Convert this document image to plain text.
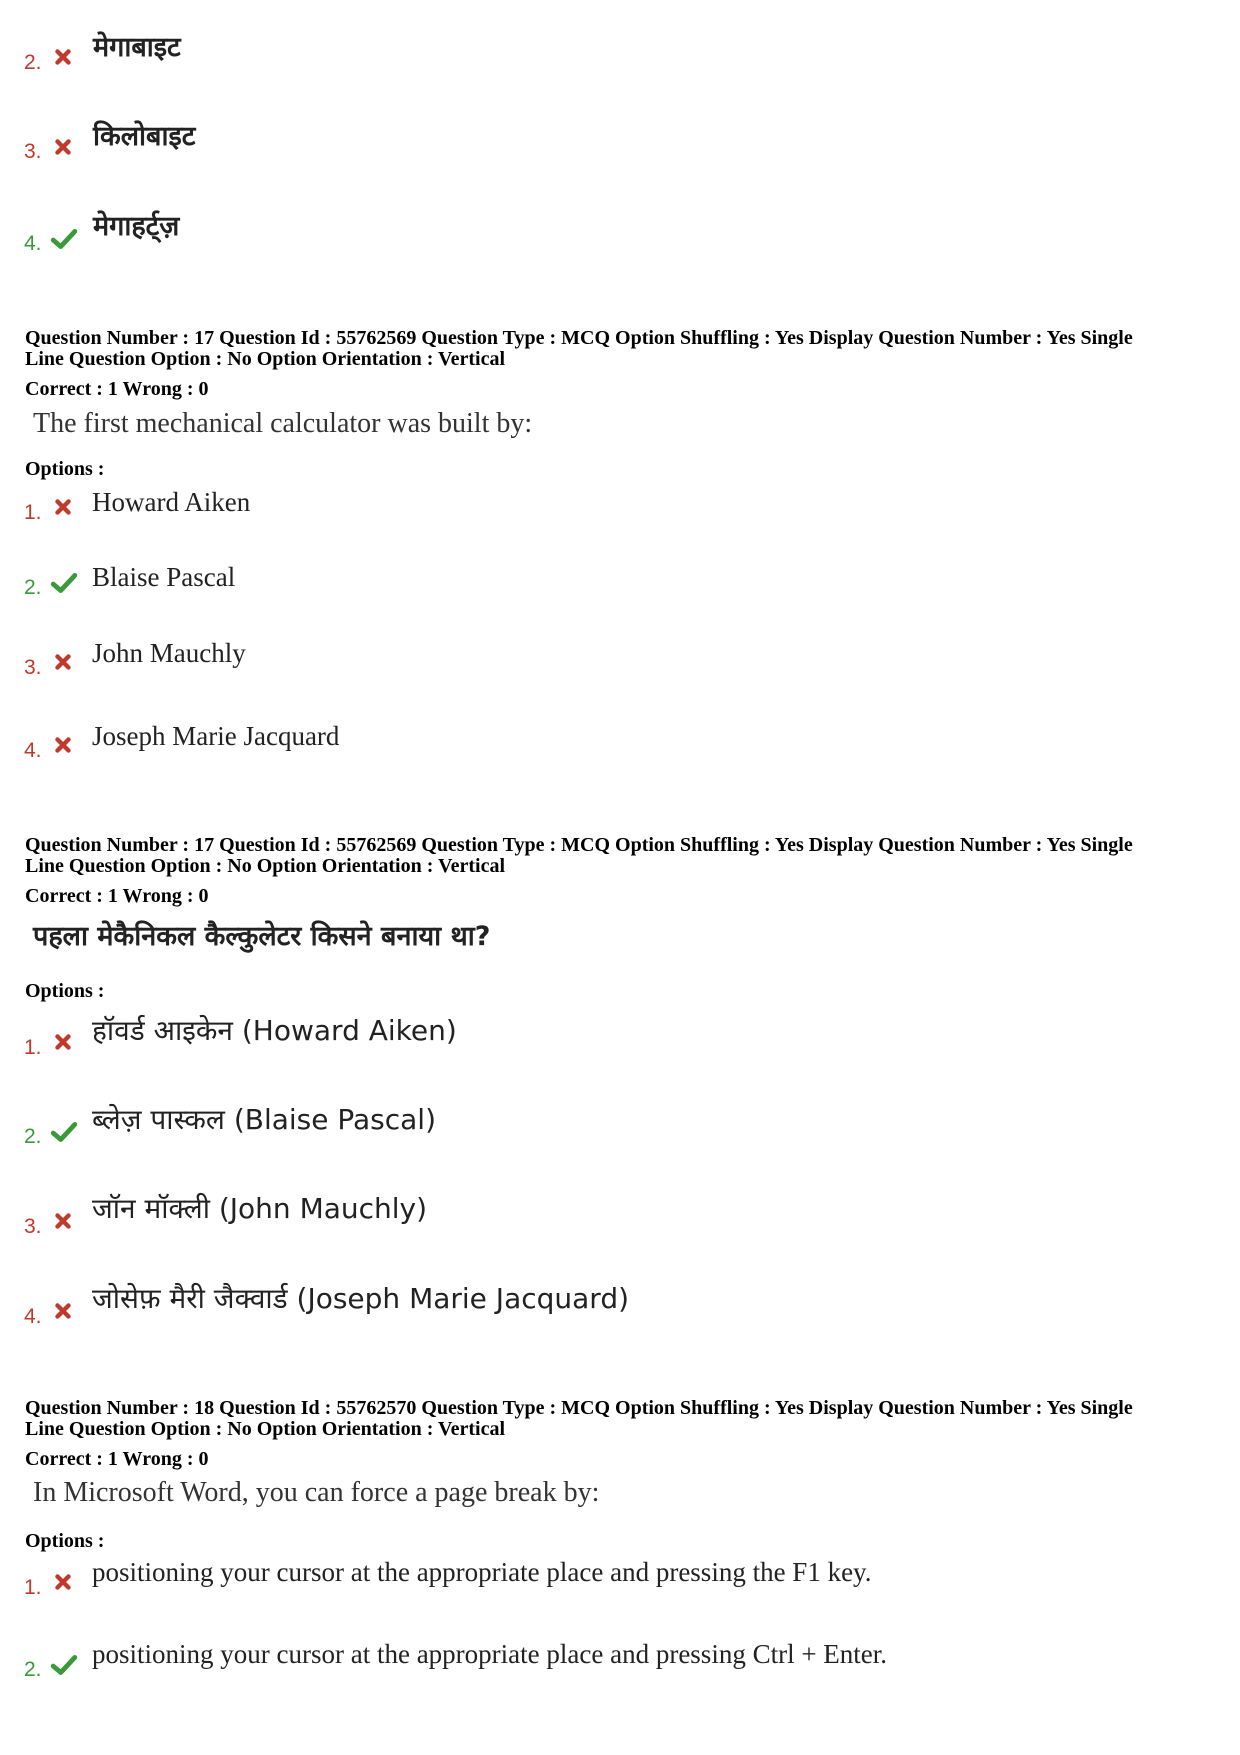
2. मेगाबाइट
3. किलोबाइट
4.
मेगाहर्ट्ज़
Question Number : 17 Question Id : 55762569 Question Type : MCQ Option Shuffling : Yes Display Question Number : Yes Single
Line Question Option : No Option Orientation : Vertical
Correct : 1 Wrong : 0
The first mechanical calculator was built by:
Options :
1. Howard Aiken
2. Blaise Pascal
3. John Mauchly
4. Joseph Marie Jacquard
Question Number : 17 Question Id : 55762569 Question Type : MCQ Option Shuffling : Yes Display Question Number : Yes Single
Line Question Option : No Option Orientation : Vertical
Correct : 1 Wrong : 0
पहला मेकैनिकल कैल्कुलेटर किसने बनाया था?
Options :
1.
हॉवर्ड आइकेन (Howard Aiken)
2.
ब्लेज़ पास्कल (Blaise Pascal)
3.
जॉन मॉक्ली (John Mauchly)
4.
जोसेफ़ मैरी जैक्वार्ड (Joseph Marie Jacquard)
Question Number : 18 Question Id : 55762570 Question Type : MCQ Option Shuffling : Yes Display Question Number : Yes Single
Line Question Option : No Option Orientation : Vertical
Correct : 1 Wrong : 0
In Microsoft Word, you can force a page break by:
Options :
1.
positioning your cursor at the appropriate place and pressing the F1 key.
2.
positioning your cursor at the appropriate place and pressing Ctrl + Enter.
